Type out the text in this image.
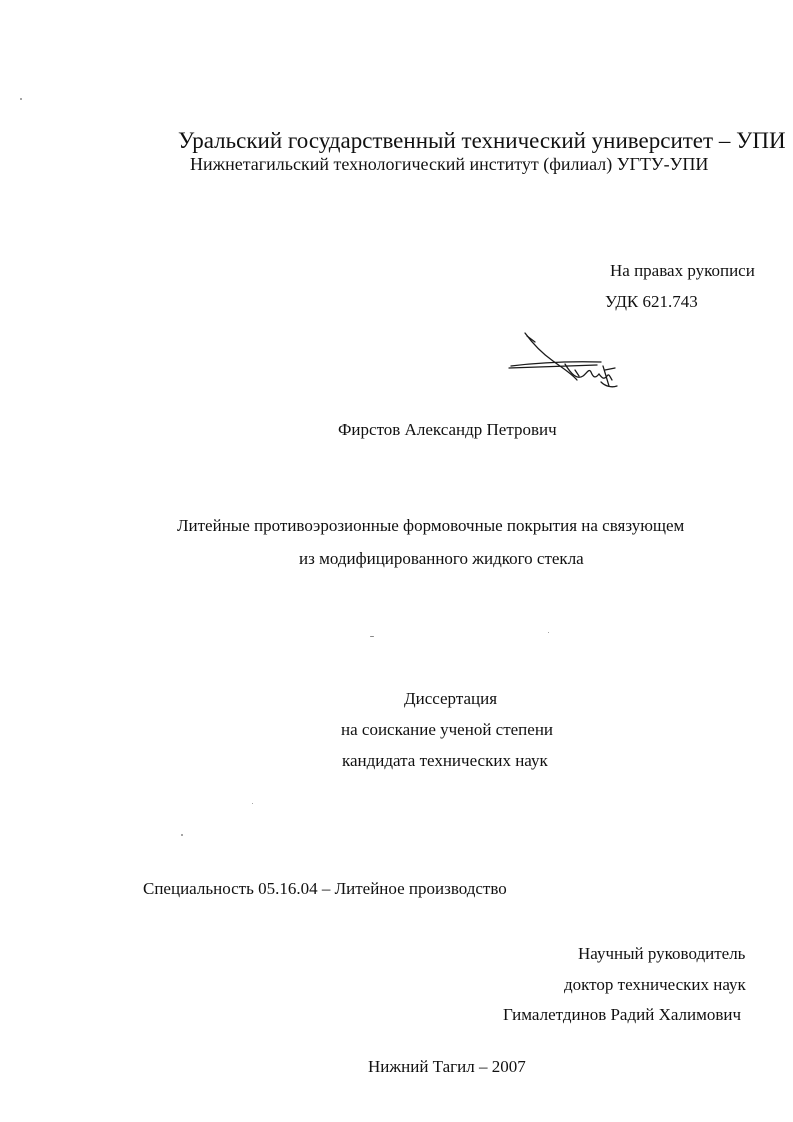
Уральский государственный технический университет – УПИ
Нижнетагильский технологический институт (филиал) УГТУ-УПИ
На правах рукописи
УДК 621.743
Фирстов Александр Петрович
Литейные противоэрозионные формовочные покрытия на связующем
из модифицированного жидкого стекла
Диссертация
на соискание ученой степени
кандидата технических наук
Специальность 05.16.04 – Литейное производство
Научный руководитель
доктор технических наук
Гималетдинов Радий Халимович
Нижний Тагил – 2007
